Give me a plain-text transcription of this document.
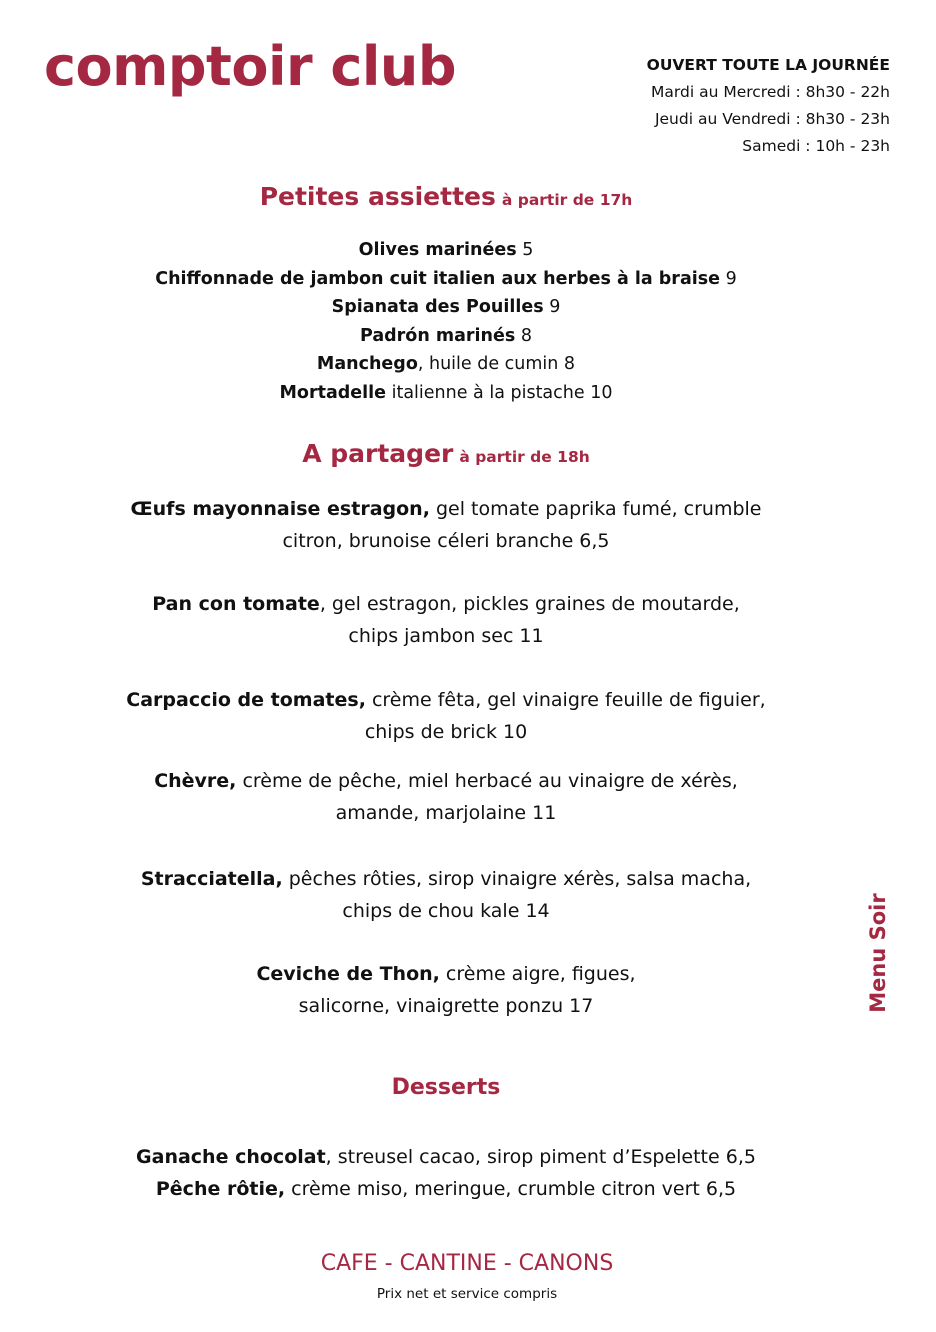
comptoir club	OUVERT TOUTE LA JOURNÉE
Mardi au Mercredi : 8h30 - 22h
Jeudi au Vendredi : 8h30 - 23h
Samedi : 10h - 23h
Petites assiettes à partir de 17h
Olives marinées 5
Chiffonnade de jambon cuit italien aux herbes à la braise 9
Spianata des Pouilles 9
Padrón marinés 8
Manchego, huile de cumin 8
Mortadelle italienne à la pistache 10
A partager à partir de 18h
Œufs mayonnaise estragon, gel tomate paprika fumé, crumble
citron, brunoise céleri branche 6,5
Pan con tomate, gel estragon, pickles graines de moutarde,
chips jambon sec 11
Carpaccio de tomates, crème fêta, gel vinaigre feuille de figuier,
chips de brick 10
Chèvre, crème de pêche, miel herbacé au vinaigre de xérès,
amande, marjolaine 11
Stracciatella, pêches rôties, sirop vinaigre xérès, salsa macha,
chips de chou kale 14
Ceviche de Thon, crème aigre, figues,
salicorne, vinaigrette ponzu 17
Desserts
Ganache chocolat, streusel cacao, sirop piment d’Espelette 6,5
Pêche rôtie, crème miso, meringue, crumble citron vert 6,5
Menu Soir
CAFE - CANTINE - CANONS
Prix net et service compris
